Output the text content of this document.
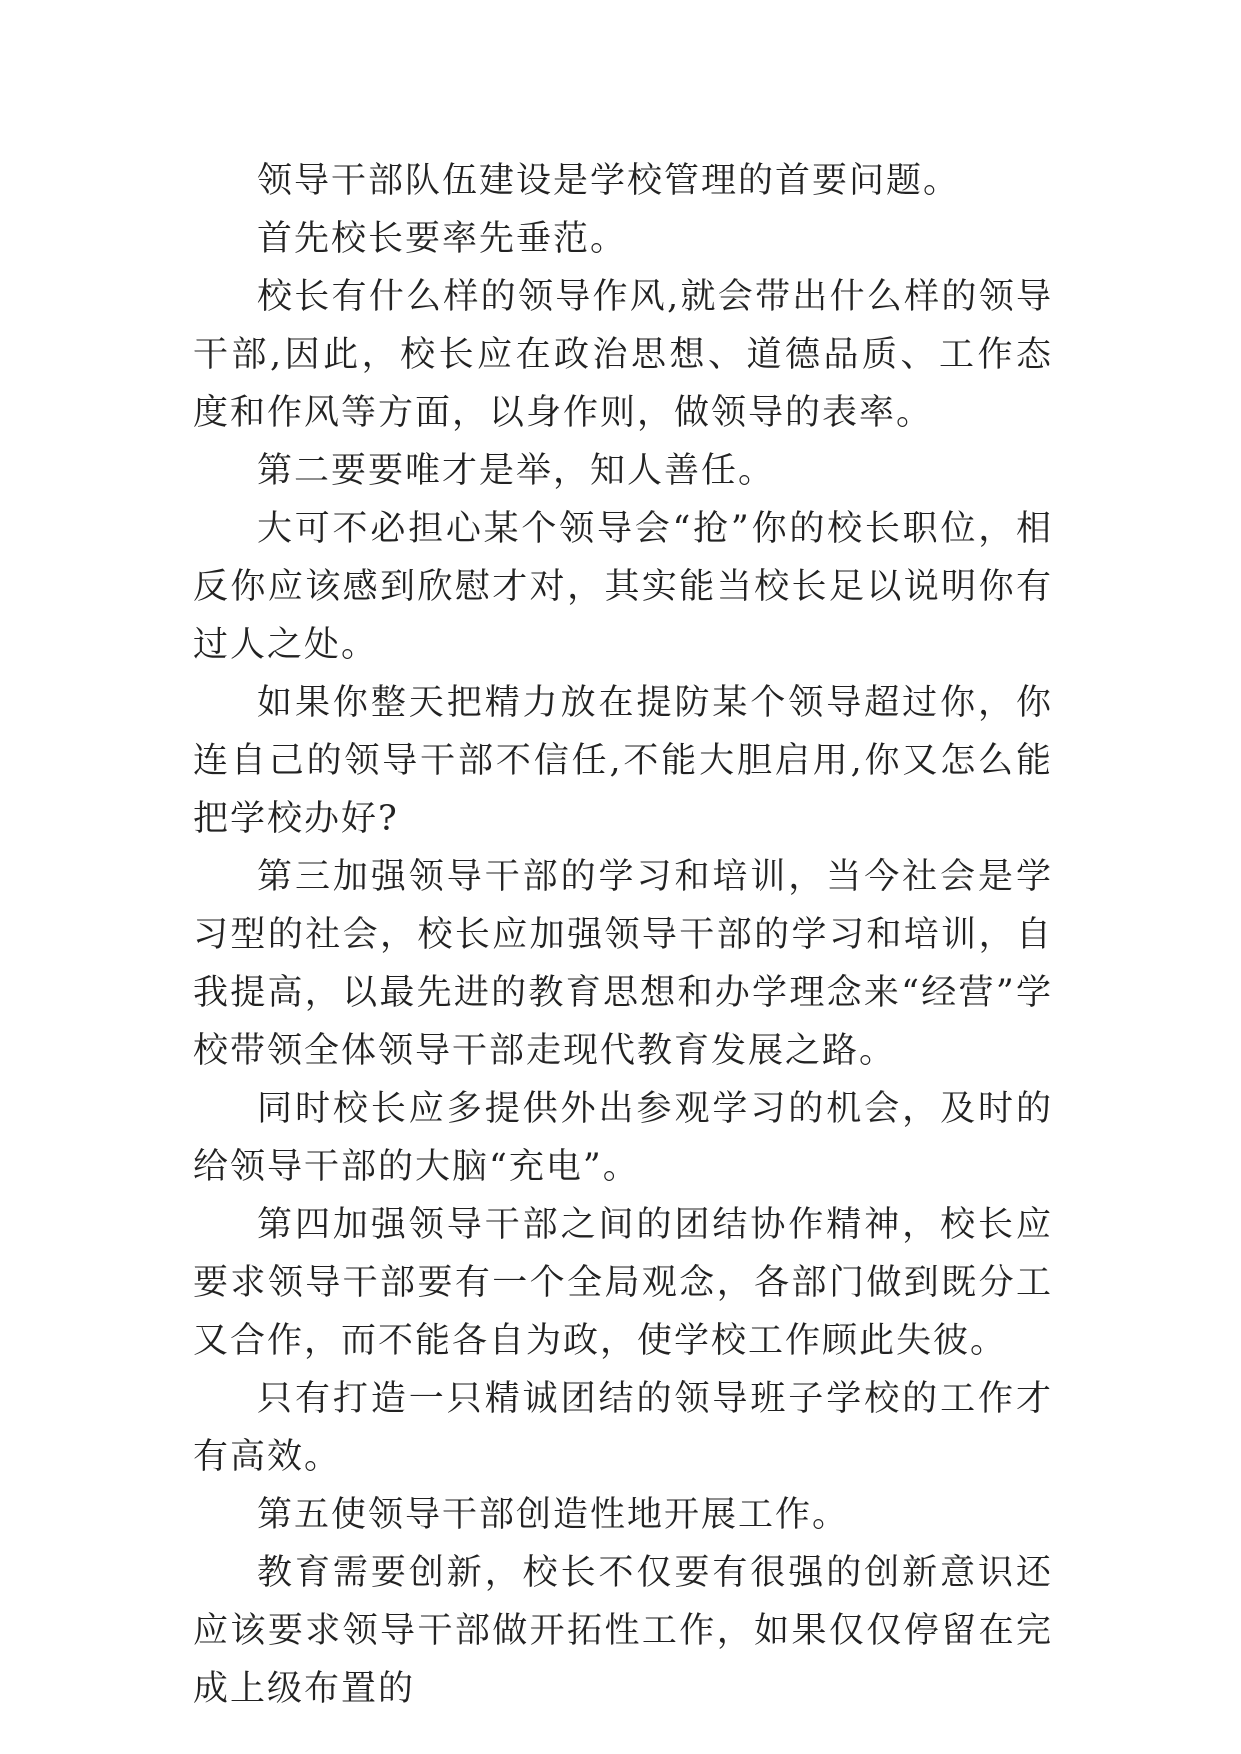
领导干部队伍建设是学校管理的首要问题。

首先校长要率先垂范。

校长有什么样的领导作风,就会带出什么样的领导干部,因此，校长应在政治思想、道德品质、工作态度和作风等方面，以身作则，做领导的表率。

第二要要唯才是举，知人善任。

大可不必担心某个领导会“抢”你的校长职位，相反你应该感到欣慰才对，其实能当校长足以说明你有过人之处。

如果你整天把精力放在提防某个领导超过你，你连自己的领导干部不信任,不能大胆启用,你又怎么能把学校办好?

第三加强领导干部的学习和培训，当今社会是学习型的社会，校长应加强领导干部的学习和培训，自我提高，以最先进的教育思想和办学理念来“经营”学校带领全体领导干部走现代教育发展之路。

同时校长应多提供外出参观学习的机会，及时的给领导干部的大脑“充电”。

第四加强领导干部之间的团结协作精神，校长应要求领导干部要有一个全局观念，各部门做到既分工又合作，而不能各自为政，使学校工作顾此失彼。

只有打造一只精诚团结的领导班子学校的工作才有高效。

第五使领导干部创造性地开展工作。

教育需要创新，校长不仅要有很强的创新意识还应该要求领导干部做开拓性工作，如果仅仅停留在完成上级布置的
